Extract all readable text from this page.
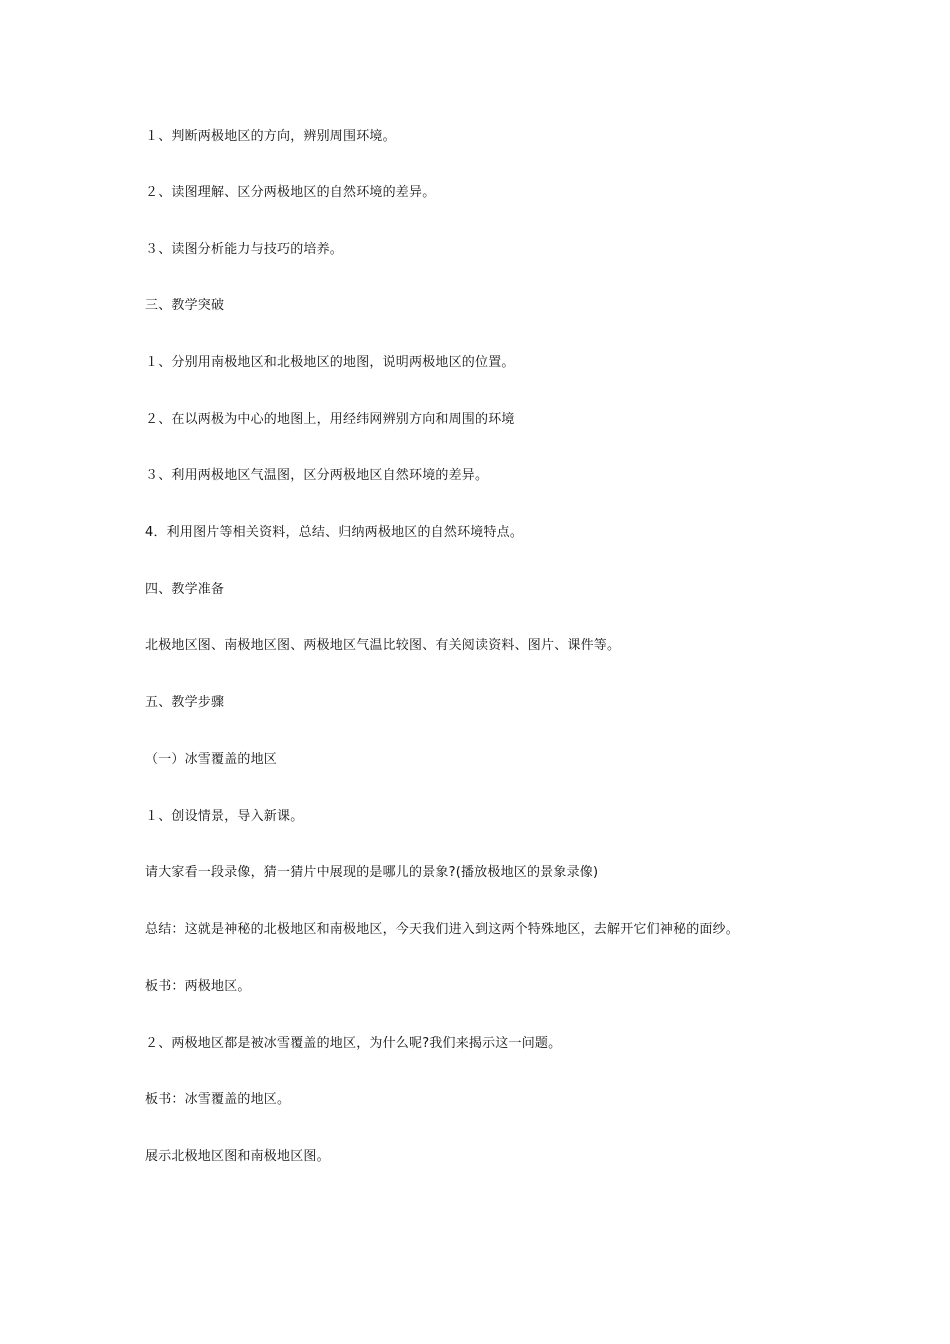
１、判断两极地区的方向，辨别周围环境。
２、读图理解、区分两极地区的自然环境的差异。
３、读图分析能力与技巧的培养。
三、教学突破
１、分别用南极地区和北极地区的地图，说明两极地区的位置。
２、在以两极为中心的地图上，用经纬网辨别方向和周围的环境
３、利用两极地区气温图，区分两极地区自然环境的差异。
4．利用图片等相关资料，总结、归纳两极地区的自然环境特点。
四、教学准备
北极地区图、南极地区图、两极地区气温比较图、有关阅读资料、图片、课件等。
五、教学步骤
（一）冰雪覆盖的地区
１、创设情景，导入新课。
请大家看一段录像，猜一猜片中展现的是哪儿的景象?(播放极地区的景象录像)
总结：这就是神秘的北极地区和南极地区，今天我们进入到这两个特殊地区，去解开它们神秘的面纱。
板书：两极地区。
２、两极地区都是被冰雪覆盖的地区，为什么呢?我们来揭示这一问题。
板书：冰雪覆盖的地区。
展示北极地区图和南极地区图。
